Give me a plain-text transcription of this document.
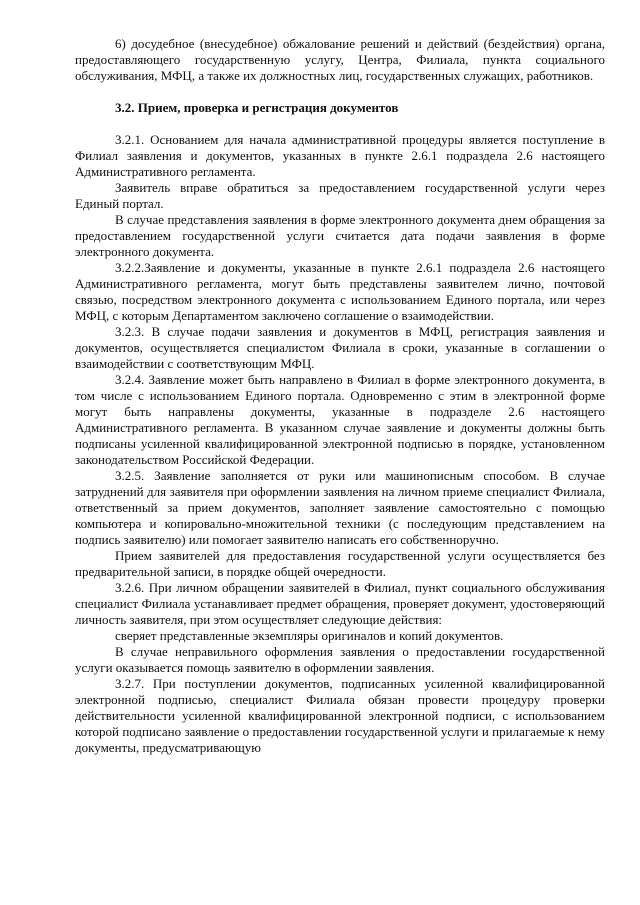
6) досудебное (внесудебное) обжалование решений и действий (бездействия) органа, предоставляющего государственную услугу, Центра, Филиала, пункта социального обслуживания, МФЦ, а также их должностных лиц, государственных служащих, работников.

3.2. Прием, проверка и регистрация документов

3.2.1. Основанием для начала административной процедуры является поступление в Филиал заявления и документов, указанных в пункте 2.6.1 подраздела 2.6 настоящего Административного регламента.

Заявитель вправе обратиться за предоставлением государственной услуги через Единый портал.

В случае представления заявления в форме электронного документа днем обращения за предоставлением государственной услуги считается дата подачи заявления в форме электронного документа.

3.2.2.Заявление и документы, указанные в пункте 2.6.1 подраздела 2.6 настоящего Административного регламента, могут быть представлены заявителем лично, почтовой связью, посредством электронного документа с использованием Единого портала, или через МФЦ, с которым Департаментом заключено соглашение о взаимодействии.

3.2.3. В случае подачи заявления и документов в МФЦ, регистрация заявления и документов, осуществляется специалистом Филиала в сроки, указанные в соглашении о взаимодействии с соответствующим МФЦ.

3.2.4. Заявление может быть направлено в Филиал в форме электронного документа, в том числе с использованием Единого портала. Одновременно с этим в электронной форме могут быть направлены документы, указанные в подразделе 2.6 настоящего Административного регламента. В указанном случае заявление и документы должны быть подписаны усиленной квалифицированной электронной подписью в порядке, установленном законодательством Российской Федерации.

3.2.5. Заявление заполняется от руки или машинописным способом. В случае затруднений для заявителя при оформлении заявления на личном приеме специалист Филиала, ответственный за прием документов, заполняет заявление самостоятельно с помощью компьютера и копировально-множительной техники (с последующим представлением на подпись заявителю) или помогает заявителю написать его собственноручно.

Прием заявителей для предоставления государственной услуги осуществляется без предварительной записи, в порядке общей очередности.

3.2.6. При личном обращении заявителей в Филиал, пункт социального обслуживания специалист Филиала устанавливает предмет обращения, проверяет документ, удостоверяющий личность заявителя, при этом осуществляет следующие действия:

сверяет представленные экземпляры оригиналов и копий документов.

В случае неправильного оформления заявления о предоставлении государственной услуги оказывается помощь заявителю в оформлении заявления.

3.2.7. При поступлении документов, подписанных усиленной квалифицированной электронной подписью, специалист Филиала обязан провести процедуру проверки действительности усиленной квалифицированной электронной подписи, с использованием которой подписано заявление о предоставлении государственной услуги и прилагаемые к нему документы, предусматривающую
